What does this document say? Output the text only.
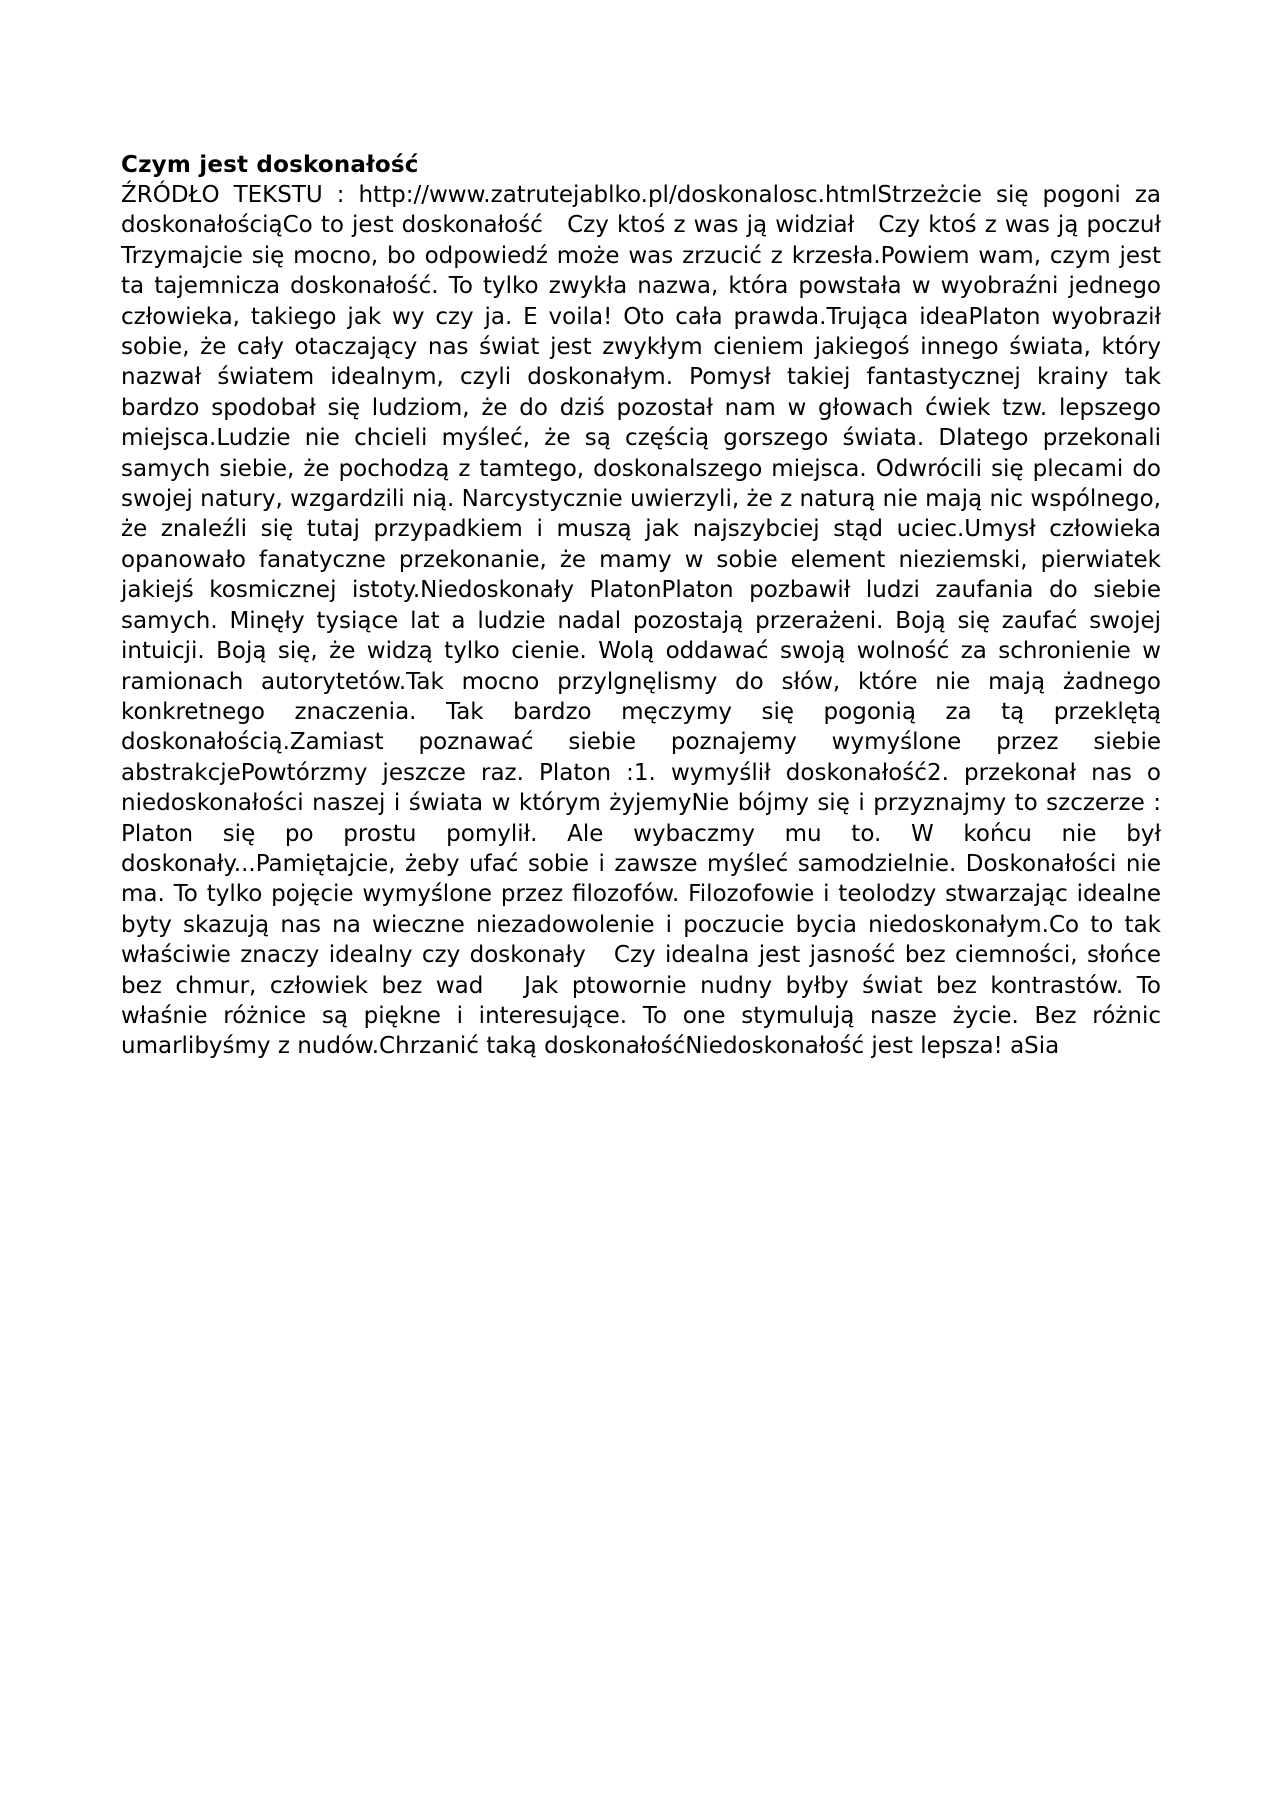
Czym jest doskonałość

ŹRÓDŁO TEKSTU : http://www.zatrutejablko.pl/doskonalosc.htmlStrzeżcie się pogoni za doskonałościąCo to jest doskonałość   Czy ktoś z was ją widział   Czy ktoś z was ją poczuł   Trzymajcie się mocno, bo odpowiedź może was zrzucić z krzesła.Powiem wam, czym jest ta tajemnicza doskonałość. To tylko zwykła nazwa, która powstała w wyobraźni jednego człowieka, takiego jak wy czy ja. E voila! Oto cała prawda.Trująca ideaPlaton wyobraził sobie, że cały otaczający nas świat jest zwykłym cieniem jakiegoś innego świata, który nazwał światem idealnym, czyli doskonałym. Pomysł takiej fantastycznej krainy tak bardzo spodobał się ludziom, że do dziś pozostał nam w głowach ćwiek tzw. lepszego miejsca.Ludzie nie chcieli myśleć, że są częścią gorszego świata. Dlatego przekonali samych siebie, że pochodzą z tamtego, doskonalszego miejsca. Odwrócili się plecami do swojej natury, wzgardzili nią. Narcystycznie uwierzyli, że z naturą nie mają nic wspólnego, że znaleźli się tutaj przypadkiem i muszą jak najszybciej stąd uciec.Umysł człowieka opanowało fanatyczne przekonanie, że mamy w sobie element nieziemski, pierwiatek jakiejś kosmicznej istoty.Niedoskonały PlatonPlaton pozbawił ludzi zaufania do siebie samych. Minęły tysiące lat a ludzie nadal pozostają przerażeni. Boją się zaufać swojej intuicji. Boją się, że widzą tylko cienie. Wolą oddawać swoją wolność za schronienie w ramionach autorytetów.Tak mocno przylgnęlismy do słów, które nie mają żadnego konkretnego znaczenia. Tak bardzo męczymy się pogonią za tą przeklętą doskonałością.Zamiast poznawać siebie poznajemy wymyślone przez siebie abstrakcjePowtórzmy jeszcze raz. Platon :1. wymyślił doskonałość2. przekonał nas o niedoskonałości naszej i świata w którym żyjemyNie bójmy się i przyznajmy to szczerze : Platon się po prostu pomylił. Ale wybaczmy mu to. W końcu nie był doskonały...Pamiętajcie, żeby ufać sobie i zawsze myśleć samodzielnie. Doskonałości nie ma. To tylko pojęcie wymyślone przez filozofów. Filozofowie i teolodzy stwarzając idealne byty skazują nas na wieczne niezadowolenie i poczucie bycia niedoskonałym.Co to tak właściwie znaczy idealny czy doskonały   Czy idealna jest jasność bez ciemności, słońce bez chmur, człowiek bez wad   Jak ptowornie nudny byłby świat bez kontrastów. To właśnie różnice są piękne i interesujące. To one stymulują nasze życie. Bez różnic umarlibyśmy z nudów.Chrzanić taką doskonałośćNiedoskonałość jest lepsza! aSia
